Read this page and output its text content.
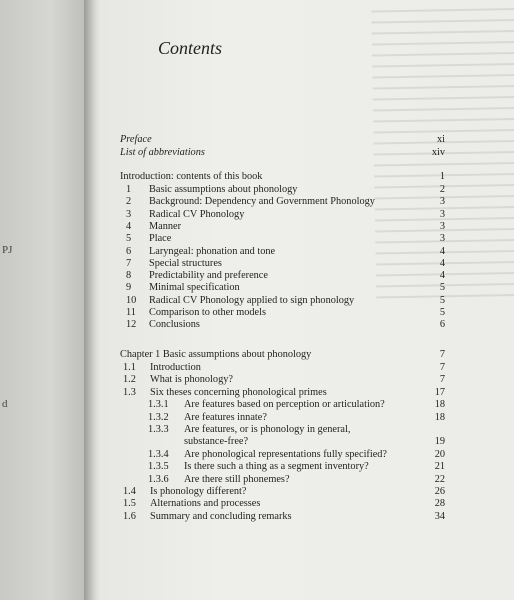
PJ
d
Contents
Preface	xi
List of abbreviations	xiv
Introduction: contents of this book	1
1 Basic assumptions about phonology	2
2 Background: Dependency and Government Phonology	3
3 Radical CV Phonology	3
4 Manner	3
5 Place	3
6 Laryngeal: phonation and tone	4
7 Special structures	4
8 Predictability and preference	4
9 Minimal specification	5
10 Radical CV Phonology applied to sign phonology	5
11 Comparison to other models	5
12 Conclusions	6
Chapter 1 Basic assumptions about phonology	7
1.1 Introduction	7
1.2 What is phonology?	7
1.3 Six theses concerning phonological primes	17
1.3.1 Are features based on perception or articulation?	18
1.3.2 Are features innate?	18
1.3.3 Are features, or is phonology in general,
substance-free?	19
1.3.4 Are phonological representations fully specified?	20
1.3.5 Is there such a thing as a segment inventory?	21
1.3.6 Are there still phonemes?	22
1.4 Is phonology different?	26
1.5 Alternations and processes	28
1.6 Summary and concluding remarks	34
